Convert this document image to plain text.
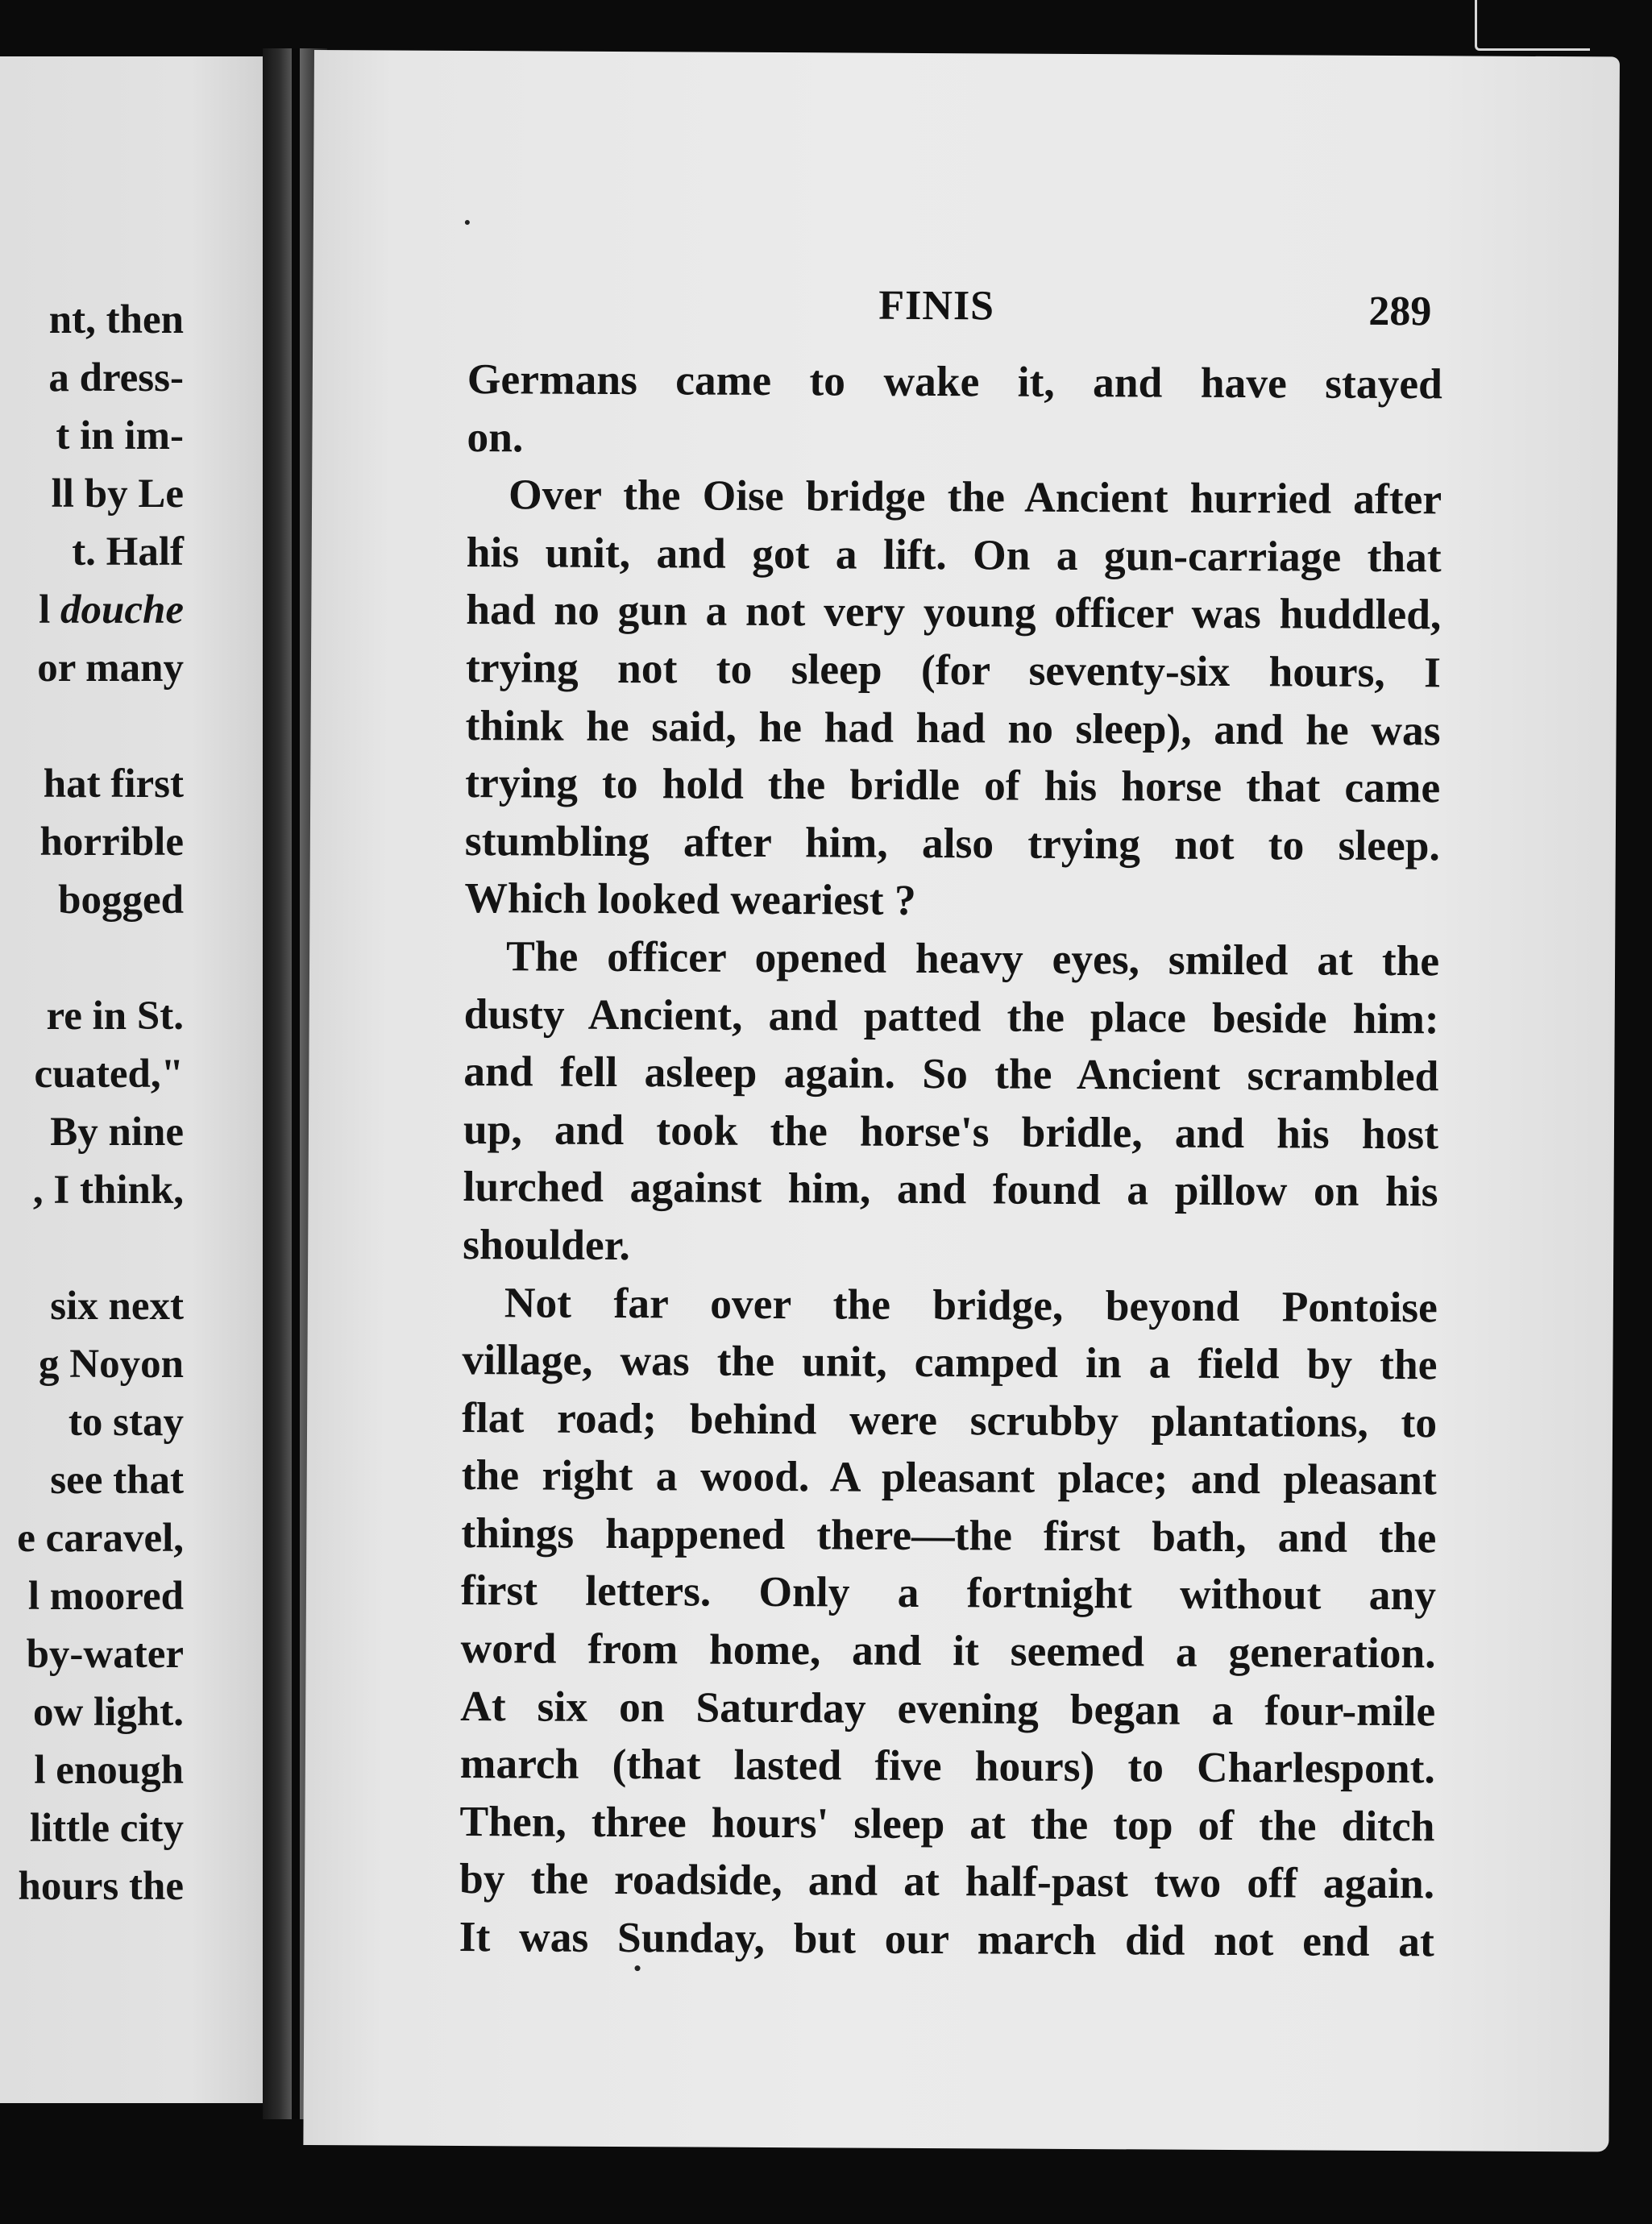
nt, then
a dress-
t in im-
ll by Le
t. Half
l douche
or many
hat first
horrible
bogged
re in St.
cuated,"
By nine
, I think,
six next
g Noyon
to stay
see that
e caravel,
l moored
by-water
ow light.
l enough
little city
hours the
FINIS	289
Germans came to wake it, and have stayed
on.
Over the Oise bridge the Ancient hurried after
his unit, and got a lift. On a gun-carriage that
had no gun a not very young officer was huddled,
trying not to sleep (for seventy-six hours, I
think he said, he had had no sleep), and he was
trying to hold the bridle of his horse that came
stumbling after him, also trying not to sleep.
Which looked weariest ?
The officer opened heavy eyes, smiled at the
dusty Ancient, and patted the place beside him:
and fell asleep again. So the Ancient scrambled
up, and took the horse's bridle, and his host
lurched against him, and found a pillow on his
shoulder.
Not far over the bridge, beyond Pontoise
village, was the unit, camped in a field by the
flat road; behind were scrubby plantations, to
the right a wood. A pleasant place; and pleasant
things happened there—the first bath, and the
first letters. Only a fortnight without any
word from home, and it seemed a generation.
At six on Saturday evening began a four-mile
march (that lasted five hours) to Charlespont.
Then, three hours' sleep at the top of the ditch
by the roadside, and at half-past two off again.
It was Sunday, but our march did not end at
